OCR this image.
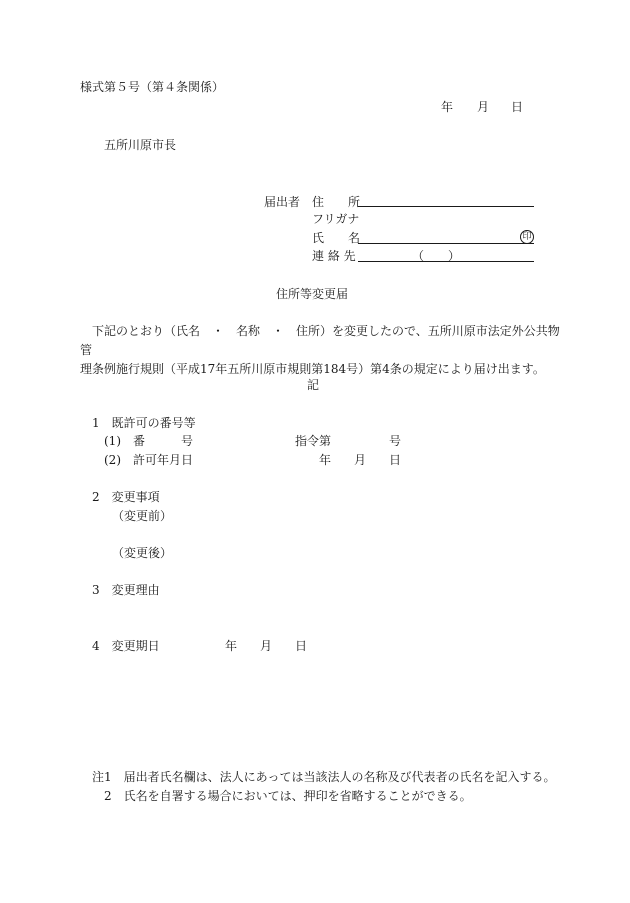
様式第５号（第４条関係）
年 月 日
五所川原市長
届出者 住　　所
フリガナ
氏　　名	印
連 絡 先	（　　）
住所等変更届

下記のとおり（氏名　・　名称　・　住所）を変更したので、五所川原市法定外公共物管

理条例施行規則（平成17年五所川原市規則第184号）第4条の規定により届け出ます。

記
1　既許可の番号等
(1)　番　　　号	指令第	号
(2)　許可年月日	年 月 日
2　変更事項
（変更前）
（変更後）
3　変更理由
4　変更期日	年 月 日
注1　届出者氏名欄は、法人にあっては当該法人の名称及び代表者の氏名を記入する。
2　氏名を自署する場合においては、押印を省略することができる。
